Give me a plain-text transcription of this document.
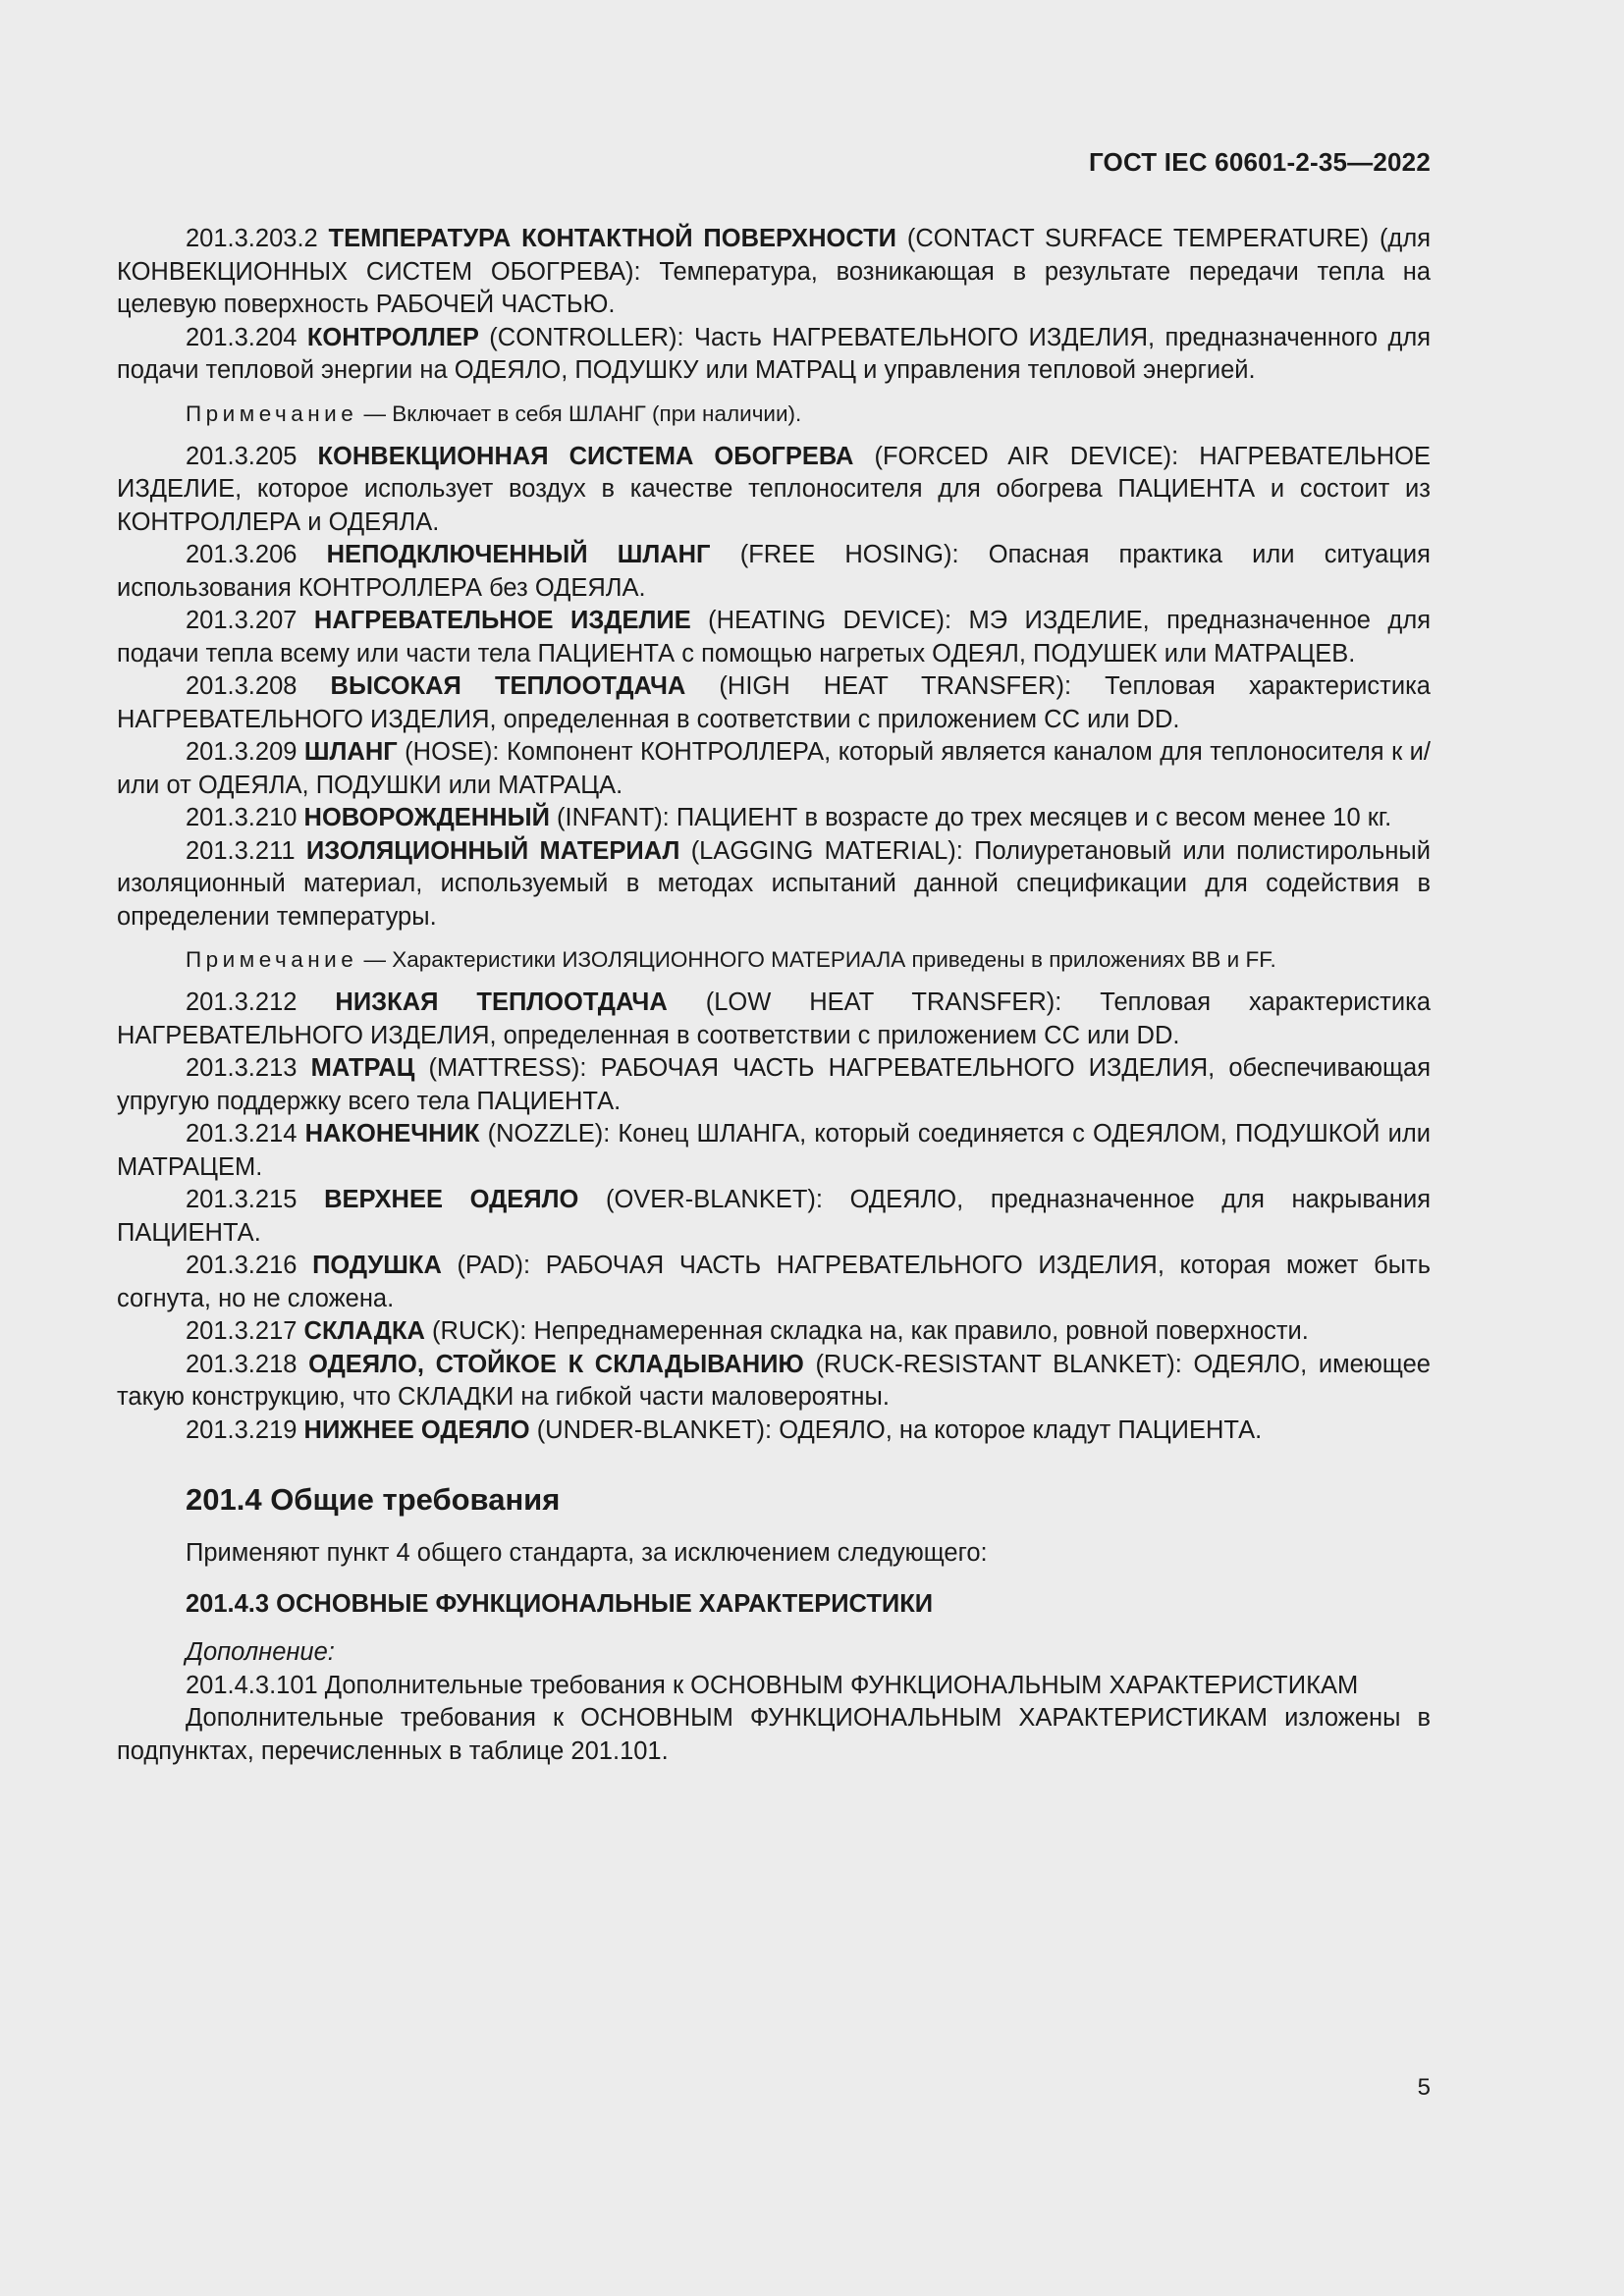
ГОСТ IEC 60601-2-35—2022

201.3.203.2 ТЕМПЕРАТУРА КОНТАКТНОЙ ПОВЕРХНОСТИ (CONTACT SURFACE TEMPERATURE) (для КОНВЕКЦИОННЫХ СИСТЕМ ОБОГРЕВА): Температура, возникающая в результате передачи тепла на целевую поверхность РАБОЧЕЙ ЧАСТЬЮ.

201.3.204 КОНТРОЛЛЕР (CONTROLLER): Часть НАГРЕВАТЕЛЬНОГО ИЗДЕЛИЯ, предназначенного для подачи тепловой энергии на ОДЕЯЛО, ПОДУШКУ или МАТРАЦ и управления тепловой энергией.

Примечание — Включает в себя ШЛАНГ (при наличии).

201.3.205 КОНВЕКЦИОННАЯ СИСТЕМА ОБОГРЕВА (FORCED AIR DEVICE): НАГРЕВАТЕЛЬНОЕ ИЗДЕЛИЕ, которое использует воздух в качестве теплоносителя для обогрева ПАЦИЕНТА и состоит из КОНТРОЛЛЕРА и ОДЕЯЛА.

201.3.206 НЕПОДКЛЮЧЕННЫЙ ШЛАНГ (FREE HOSING): Опасная практика или ситуация использования КОНТРОЛЛЕРА без ОДЕЯЛА.

201.3.207 НАГРЕВАТЕЛЬНОЕ ИЗДЕЛИЕ (HEATING DEVICE): МЭ ИЗДЕЛИЕ, предназначенное для подачи тепла всему или части тела ПАЦИЕНТА с помощью нагретых ОДЕЯЛ, ПОДУШЕК или МАТРАЦЕВ.

201.3.208 ВЫСОКАЯ ТЕПЛООТДАЧА (HIGH HEAT TRANSFER): Тепловая характеристика НАГРЕВАТЕЛЬНОГО ИЗДЕЛИЯ, определенная в соответствии с приложением CC или DD.

201.3.209 ШЛАНГ (HOSE): Компонент КОНТРОЛЛЕРА, который является каналом для теплоносителя к и/или от ОДЕЯЛА, ПОДУШКИ или МАТРАЦА.

201.3.210 НОВОРОЖДЕННЫЙ (INFANT): ПАЦИЕНТ в возрасте до трех месяцев и с весом менее 10 кг.

201.3.211 ИЗОЛЯЦИОННЫЙ МАТЕРИАЛ (LAGGING MATERIAL): Полиуретановый или полистирольный изоляционный материал, используемый в методах испытаний данной спецификации для содействия в определении температуры.

Примечание — Характеристики ИЗОЛЯЦИОННОГО МАТЕРИАЛА приведены в приложениях BB и FF.

201.3.212 НИЗКАЯ ТЕПЛООТДАЧА (LOW HEAT TRANSFER): Тепловая характеристика НАГРЕВАТЕЛЬНОГО ИЗДЕЛИЯ, определенная в соответствии с приложением CC или DD.

201.3.213 МАТРАЦ (MATTRESS): РАБОЧАЯ ЧАСТЬ НАГРЕВАТЕЛЬНОГО ИЗДЕЛИЯ, обеспечивающая упругую поддержку всего тела ПАЦИЕНТА.

201.3.214 НАКОНЕЧНИК (NOZZLE): Конец ШЛАНГА, который соединяется с ОДЕЯЛОМ, ПОДУШКОЙ или МАТРАЦЕМ.

201.3.215 ВЕРХНЕЕ ОДЕЯЛО (OVER-BLANKET): ОДЕЯЛО, предназначенное для накрывания ПАЦИЕНТА.

201.3.216 ПОДУШКА (PAD): РАБОЧАЯ ЧАСТЬ НАГРЕВАТЕЛЬНОГО ИЗДЕЛИЯ, которая может быть согнута, но не сложена.

201.3.217 СКЛАДКА (RUCK): Непреднамеренная складка на, как правило, ровной поверхности.

201.3.218 ОДЕЯЛО, СТОЙКОЕ К СКЛАДЫВАНИЮ (RUCK-RESISTANT BLANKET): ОДЕЯЛО, имеющее такую конструкцию, что СКЛАДКИ на гибкой части маловероятны.

201.3.219 НИЖНЕЕ ОДЕЯЛО (UNDER-BLANKET): ОДЕЯЛО, на которое кладут ПАЦИЕНТА.

201.4 Общие требования

Применяют пункт 4 общего стандарта, за исключением следующего:

201.4.3 ОСНОВНЫЕ ФУНКЦИОНАЛЬНЫЕ ХАРАКТЕРИСТИКИ
Дополнение:

201.4.3.101 Дополнительные требования к ОСНОВНЫМ ФУНКЦИОНАЛЬНЫМ ХАРАКТЕРИСТИКАМ

Дополнительные требования к ОСНОВНЫМ ФУНКЦИОНАЛЬНЫМ ХАРАКТЕРИСТИКАМ изложены в подпунктах, перечисленных в таблице 201.101.

5
